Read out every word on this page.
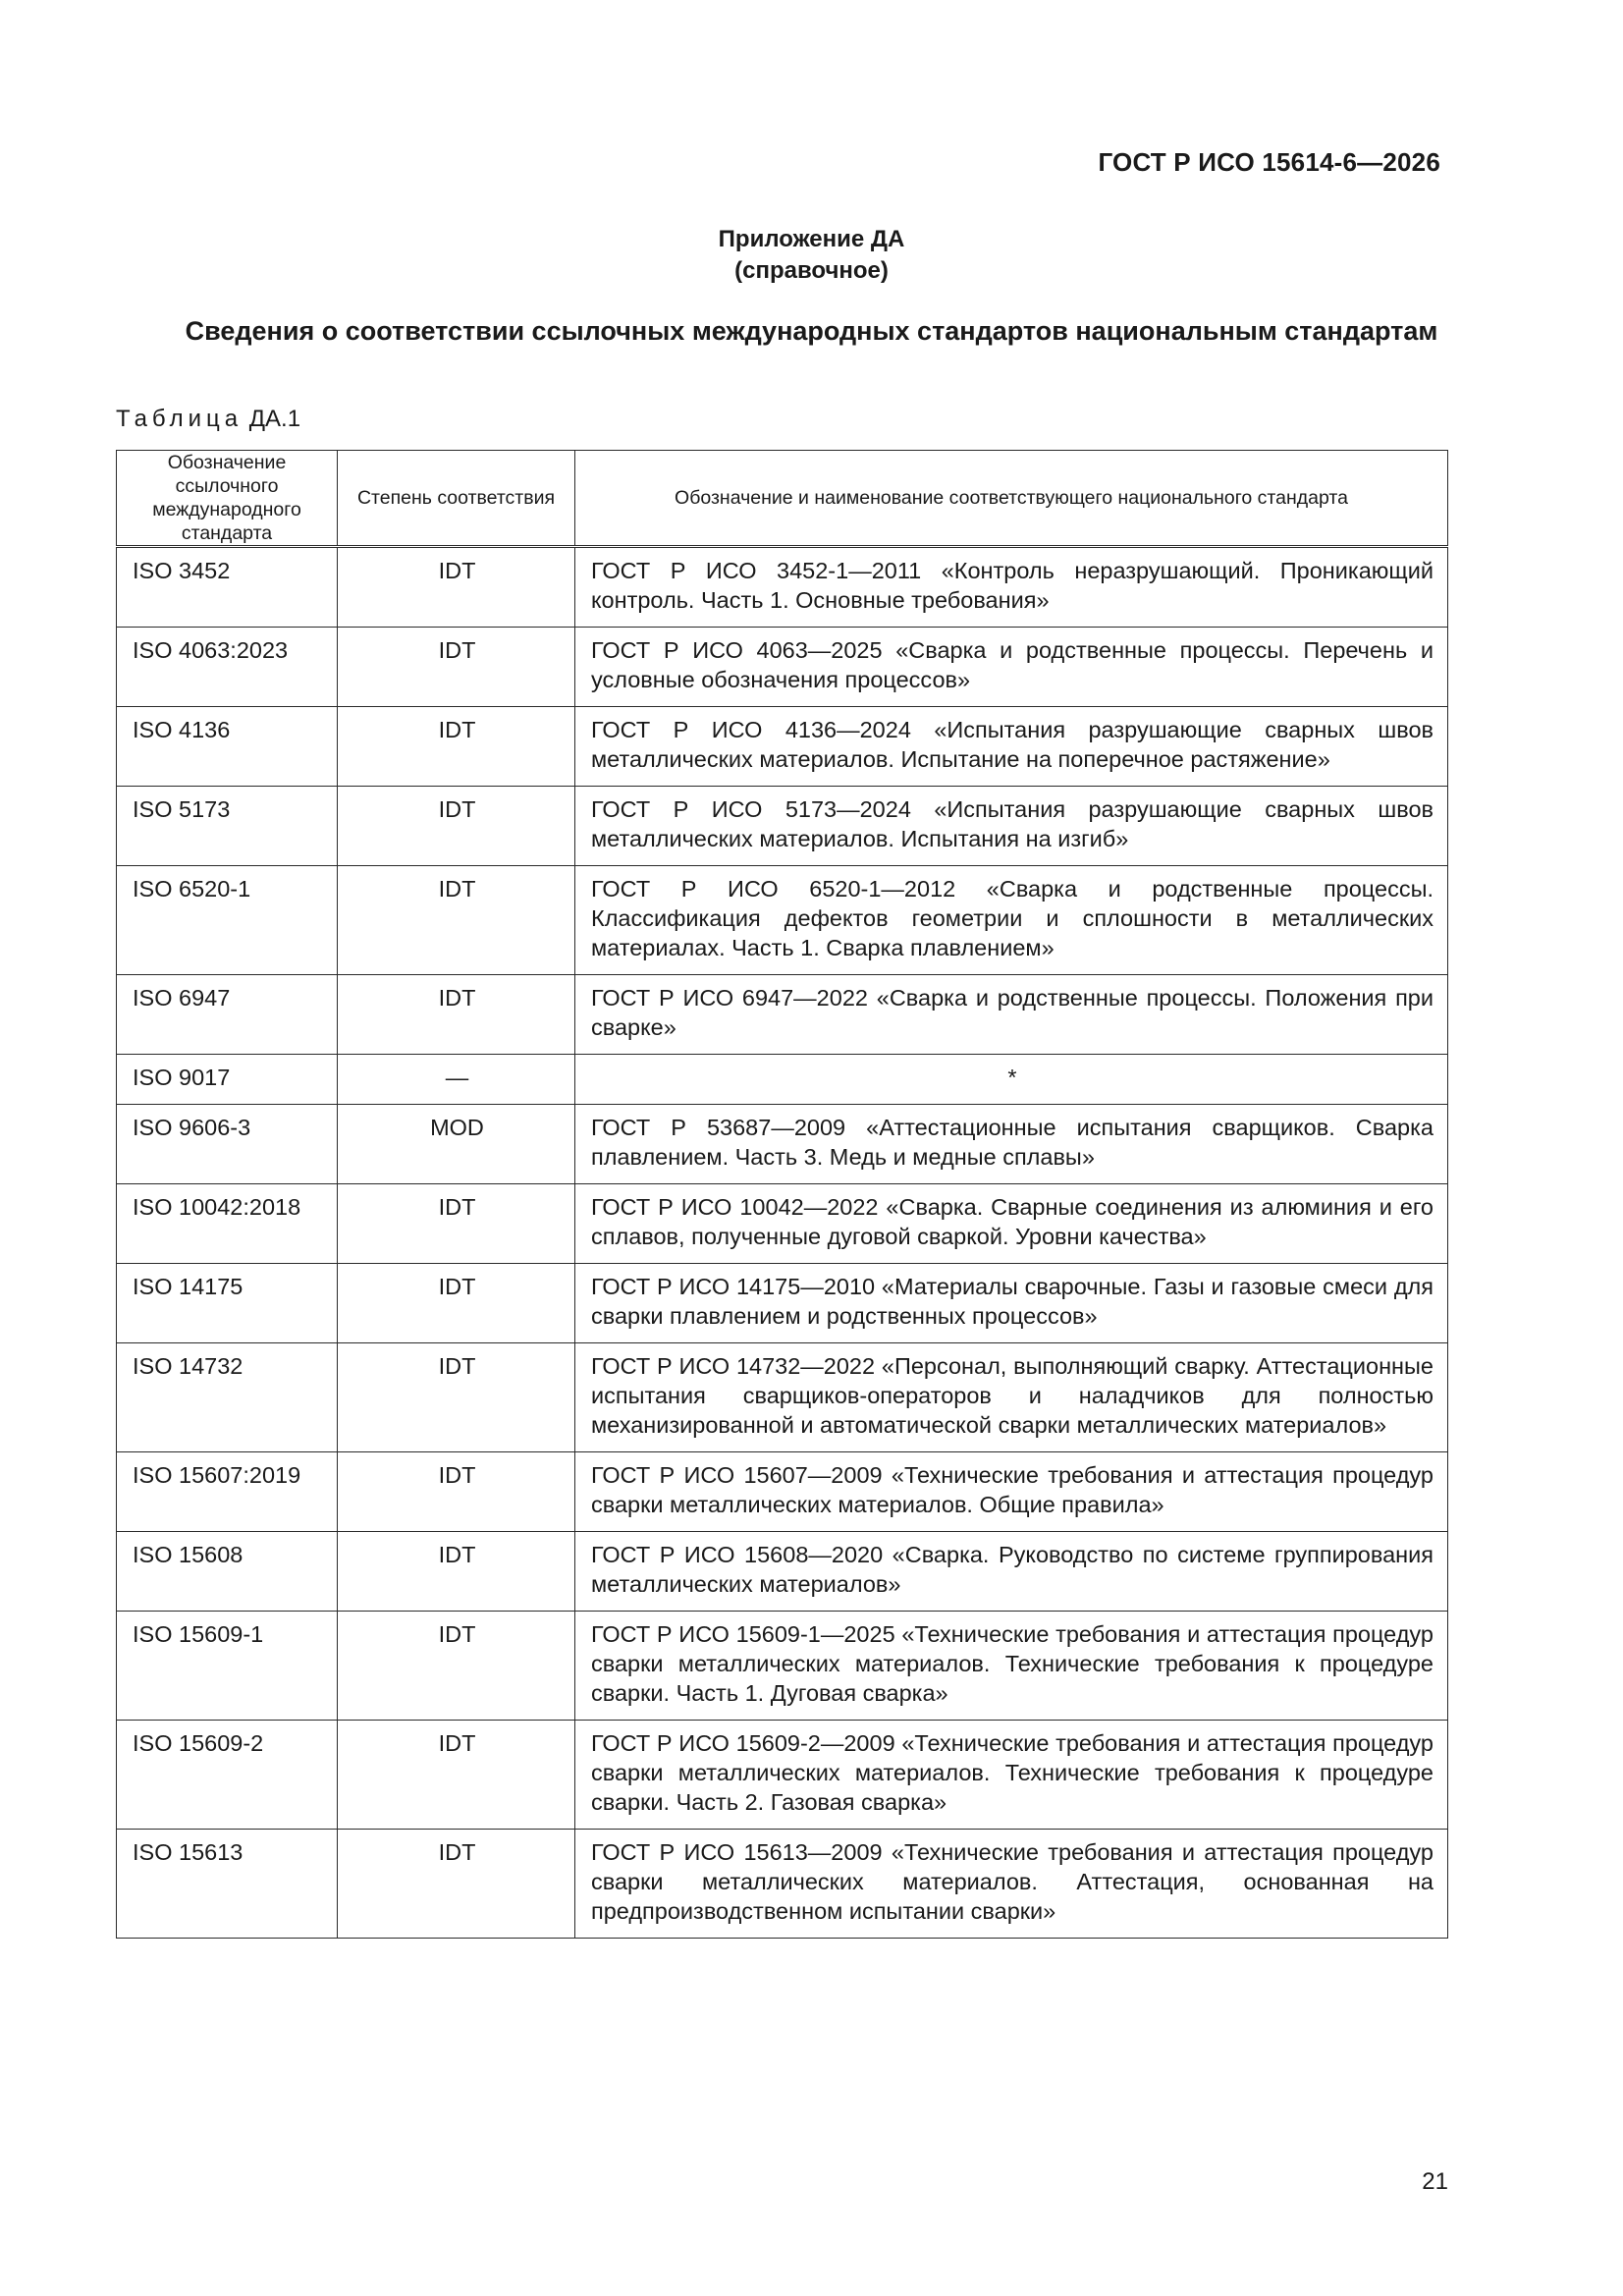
ГОСТ Р ИСО 15614-6—2026
Приложение ДА
(справочное)
Сведения о соответствии ссылочных международных стандартов национальным стандартам
Таблица ДА.1
Обозначение ссылочного международного стандарта	Степень соответствия	Обозначение и наименование соответствующего национального стандарта
ISO 3452	IDT	ГОСТ Р ИСО 3452-1—2011 «Контроль неразрушающий. Проникающий контроль. Часть 1. Основные требования»
ISO 4063:2023	IDT	ГОСТ Р ИСО 4063—2025 «Сварка и родственные процессы. Перечень и условные обозначения процессов»
ISO 4136	IDT	ГОСТ Р ИСО 4136—2024 «Испытания разрушающие сварных швов металлических материалов. Испытание на поперечное растяжение»
ISO 5173	IDT	ГОСТ Р ИСО 5173—2024 «Испытания разрушающие сварных швов металлических материалов. Испытания на изгиб»
ISO 6520-1	IDT	ГОСТ Р ИСО 6520-1—2012 «Сварка и родственные процессы. Классификация дефектов геометрии и сплошности в металлических материалах. Часть 1. Сварка плавлением»
ISO 6947	IDT	ГОСТ Р ИСО 6947—2022 «Сварка и родственные процессы. Положения при сварке»
ISO 9017	—	*
ISO 9606-3	MOD	ГОСТ Р 53687—2009 «Аттестационные испытания сварщиков. Сварка плавлением. Часть 3. Медь и медные сплавы»
ISO 10042:2018	IDT	ГОСТ Р ИСО 10042—2022 «Сварка. Сварные соединения из алюминия и его сплавов, полученные дуговой сваркой. Уровни качества»
ISO 14175	IDT	ГОСТ Р ИСО 14175—2010 «Материалы сварочные. Газы и газовые смеси для сварки плавлением и родственных процессов»
ISO 14732	IDT	ГОСТ Р ИСО 14732—2022 «Персонал, выполняющий сварку. Аттестационные испытания сварщиков-операторов и наладчиков для полностью механизированной и автоматической сварки металлических материалов»
ISO 15607:2019	IDT	ГОСТ Р ИСО 15607—2009 «Технические требования и аттестация процедур сварки металлических материалов. Общие правила»
ISO 15608	IDT	ГОСТ Р ИСО 15608—2020 «Сварка. Руководство по системе группирования металлических материалов»
ISO 15609-1	IDT	ГОСТ Р ИСО 15609-1—2025 «Технические требования и аттестация процедур сварки металлических материалов. Технические требования к процедуре сварки. Часть 1. Дуговая сварка»
ISO 15609-2	IDT	ГОСТ Р ИСО 15609-2—2009 «Технические требования и аттестация процедур сварки металлических материалов. Технические требования к процедуре сварки. Часть 2. Газовая сварка»
ISO 15613	IDT	ГОСТ Р ИСО 15613—2009 «Технические требования и аттестация процедур сварки металлических материалов. Аттестация, основанная на предпроизводственном испытании сварки»
21
